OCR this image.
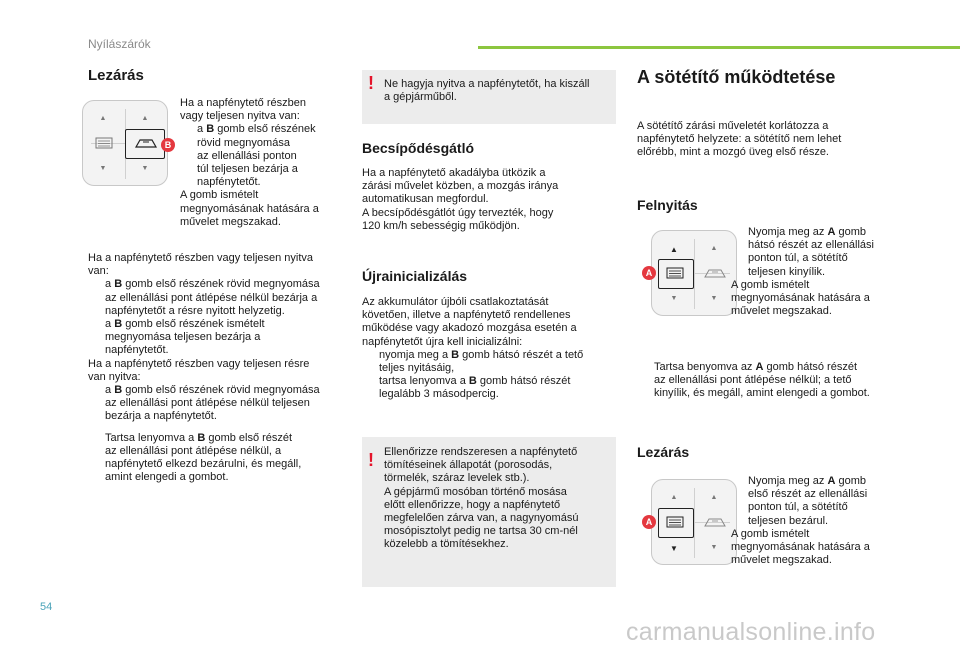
Nyílászárók
Lezárás
▲	▲
▼	▼
B

Ha a napfénytető részben
vagy teljesen nyitva van:

a B gomb első részének
rövid megnyomása
az ellenállási ponton
túl teljesen bezárja a
napfénytetőt.

A gomb ismételt
megnyomásának hatására a
művelet megszakad.

Ha a napfénytető részben vagy teljesen nyitva
van:

a B gomb első részének rövid megnyomása
az ellenállási pont átlépése nélkül bezárja a
napfénytetőt a résre nyitott helyzetig.

a B gomb első részének ismételt
megnyomása teljesen bezárja a
napfénytetőt.

Ha a napfénytető részben vagy teljesen résre
van nyitva:

a B gomb első részének rövid megnyomása
az ellenállási pont átlépése nélkül teljesen
bezárja a napfénytetőt.

Tartsa lenyomva a B gomb első részét
az ellenállási pont átlépése nélkül, a
napfénytető elkezd bezárulni, és megáll,
amint elengedi a gombot.

! Ne hagyja nyitva a napfénytetőt, ha kiszáll
a gépjárműből.
Becsípődésgátló

Ha a napfénytető akadályba ütközik a
zárási művelet közben, a mozgás iránya
automatikusan megfordul.
A becsípődésgátlót úgy tervezték, hogy
120 km/h sebességig működjön.

Újrainicializálás

Az akkumulátor újbóli csatlakoztatását
követően, illetve a napfénytető rendellenes
működése vagy akadozó mozgása esetén a
napfénytetőt újra kell inicializálni:

nyomja meg a B gomb hátsó részét a tető
teljes nyitásáig,

tartsa lenyomva a B gomb hátsó részét
legalább 3 másodpercig.

! Ellenőrizze rendszeresen a napfénytető
tömítéseinek állapotát (porosodás,
törmelék, száraz levelek stb.).
A gépjármű mosóban történő mosása
előtt ellenőrizze, hogy a napfénytető
megfelelően zárva van, a nagynyomású
mosópisztolyt pedig ne tartsa 30 cm-nél
közelebb a tömítésekhez.
A sötétítő működtetése

A sötétítő zárási műveletét korlátozza a
napfénytető helyzete: a sötétítő nem lehet
előrébb, mint a mozgó üveg első része.

Felnyitás
▲	▲
▼	▼
A

Nyomja meg az A gomb
hátsó részét az ellenállási
ponton túl, a sötétítő
teljesen kinyílik.

A gomb ismételt
megnyomásának hatására a
művelet megszakad.

Tartsa benyomva az A gomb hátsó részét
az ellenállási pont átlépése nélkül; a tető
kinyílik, és megáll, amint elengedi a gombot.

Lezárás
▲	▲
▼	▼
A

Nyomja meg az A gomb
első részét az ellenállási
ponton túl, a sötétítő
teljesen bezárul.

A gomb ismételt
megnyomásának hatására a
művelet megszakad.

54
carmanualsonline.info
